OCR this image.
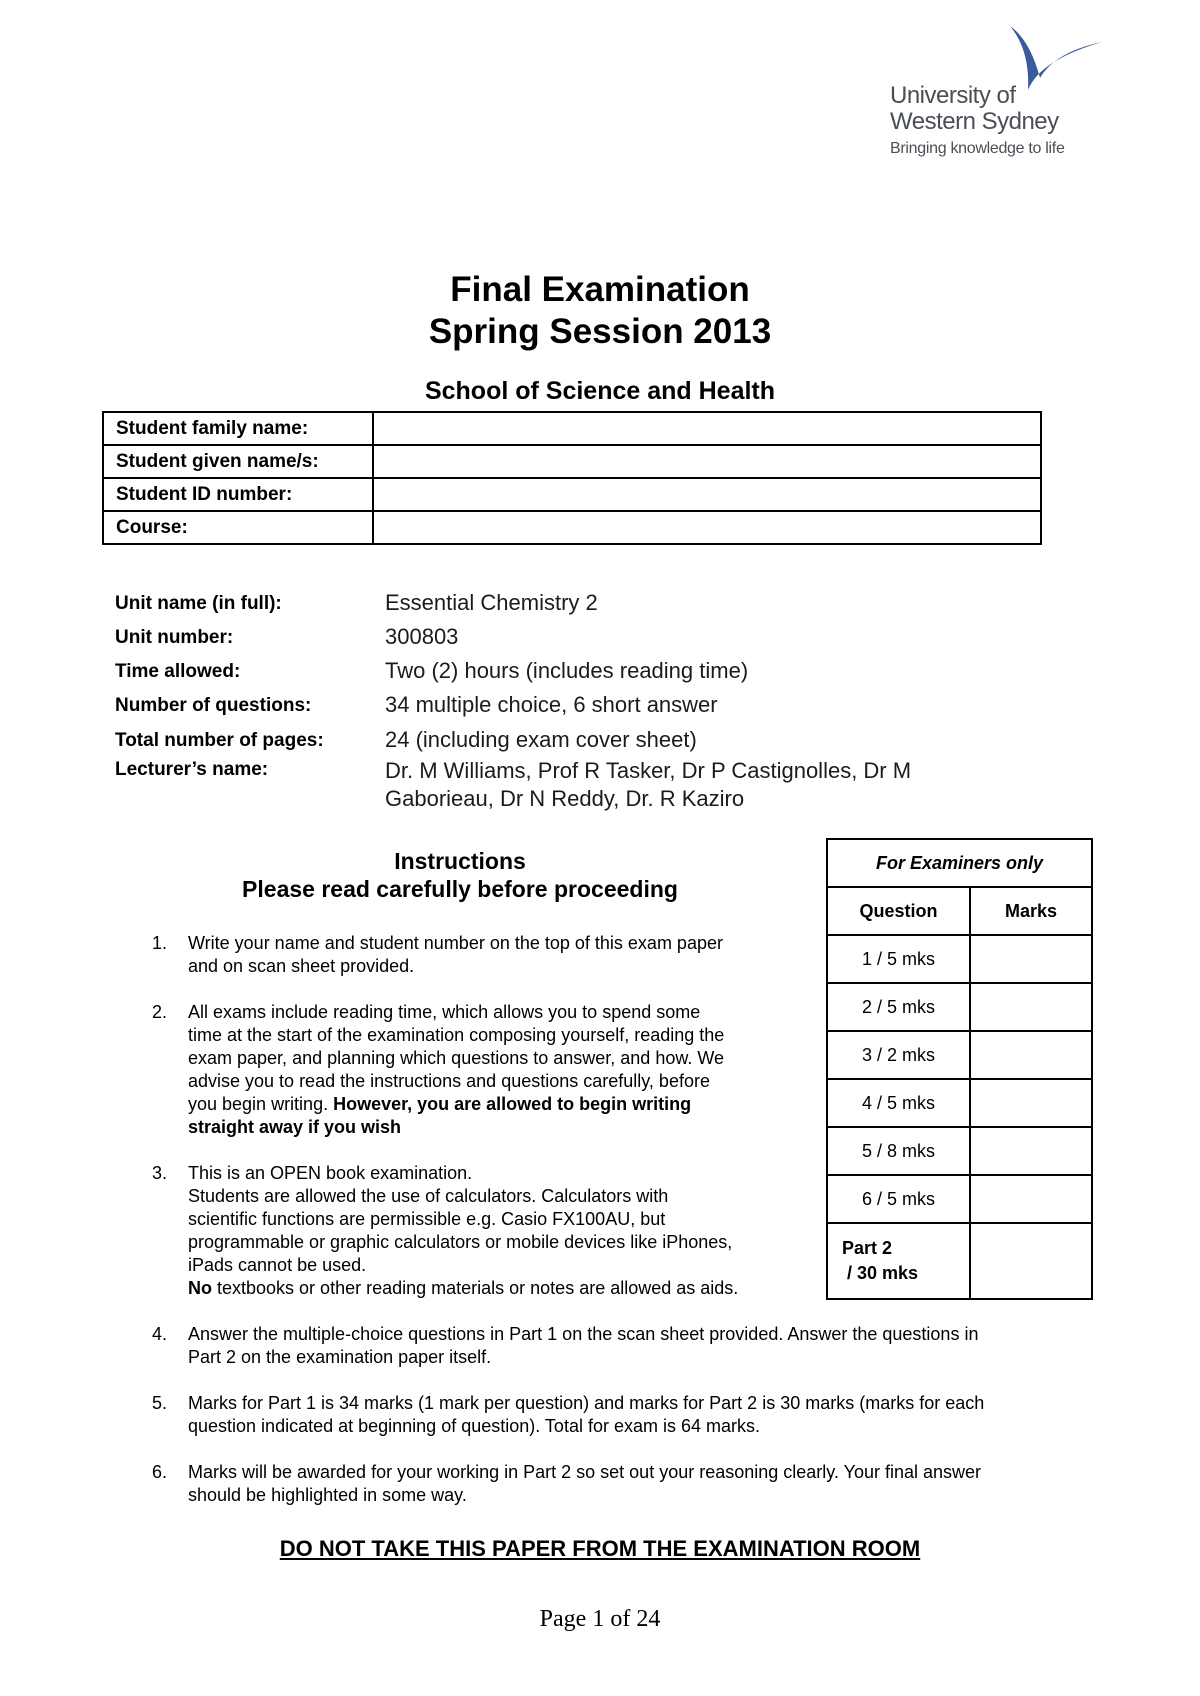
University of
Western Sydney
Bringing knowledge to life
Final Examination
Spring Session 2013
School of Science and Health
Student family name:	
Student given name/s:	
Student ID number:	
Course:	
Unit name (in full):	Essential Chemistry 2
Unit number:	300803
Time allowed:	Two (2) hours (includes reading time)
Number of questions:	34 multiple choice, 6 short answer
Total number of pages:	24 (including exam cover sheet)
Lecturer’s name:	Dr. M Williams, Prof R Tasker, Dr P Castignolles, Dr M
Gaborieau, Dr N Reddy, Dr. R Kaziro
Instructions
Please read carefully before proceeding
1. Write your name and student number on the top of this exam paper
and on scan sheet provided.
2. All exams include reading time, which allows you to spend some
time at the start of the examination composing yourself, reading the
exam paper, and planning which questions to answer, and how. We
advise you to read the instructions and questions carefully, before
you begin writing. However, you are allowed to begin writing
straight away if you wish
3. This is an OPEN book examination.
Students are allowed the use of calculators. Calculators with
scientific functions are permissible e.g. Casio FX100AU, but
programmable or graphic calculators or mobile devices like iPhones,
iPads cannot be used.
No textbooks or other reading materials or notes are allowed as aids.
4. Answer the multiple-choice questions in Part 1 on the scan sheet provided. Answer the questions in
Part 2 on the examination paper itself.
5. Marks for Part 1 is 34 marks (1 mark per question) and marks for Part 2 is 30 marks (marks for each
question indicated at beginning of question). Total for exam is 64 marks.
6. Marks will be awarded for your working in Part 2 so set out your reasoning clearly. Your final answer
should be highlighted in some way.
For Examiners only	
Question	Marks
1 / 5 mks	
2 / 5 mks	
3 / 2 mks	
4 / 5 mks	
5 / 8 mks	
6 / 5 mks	

Part 2
/ 30 mks	

DO NOT TAKE THIS PAPER FROM THE EXAMINATION ROOM
Page 1 of 24
